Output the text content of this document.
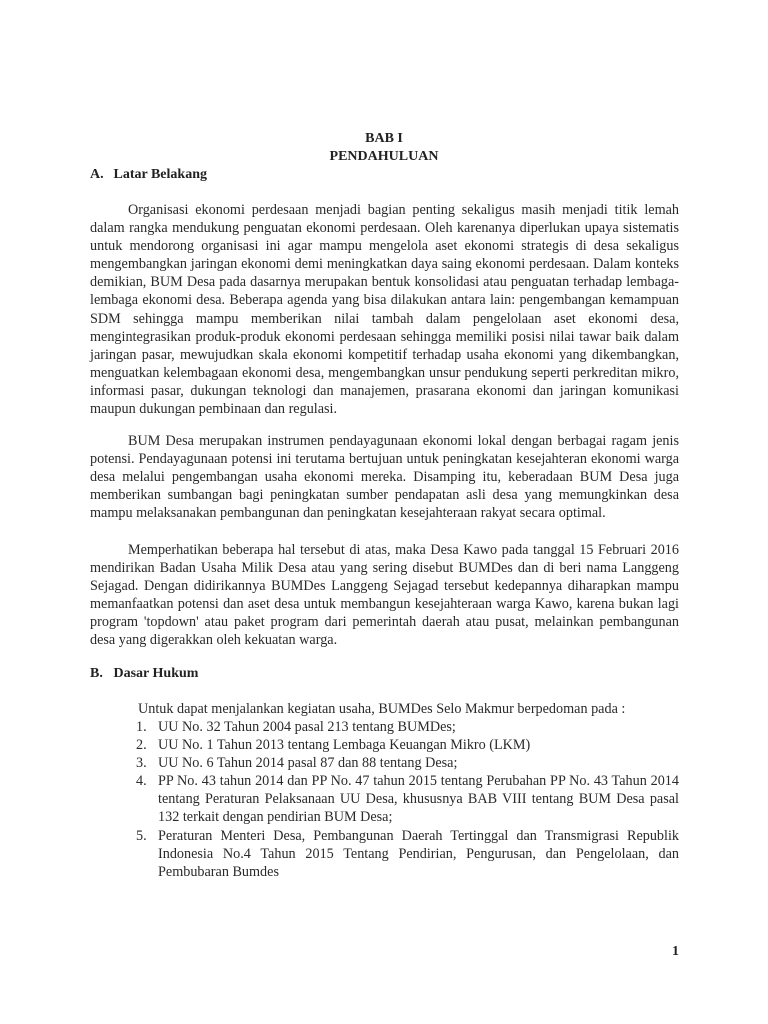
BAB I
PENDAHULUAN
A. Latar Belakang

Organisasi ekonomi perdesaan menjadi bagian penting sekaligus masih menjadi titik lemah dalam rangka mendukung penguatan ekonomi perdesaan. Oleh karenanya diperlukan upaya sistematis untuk mendorong organisasi ini agar mampu mengelola aset ekonomi strategis di desa sekaligus mengembangkan jaringan ekonomi demi meningkatkan daya saing ekonomi perdesaan. Dalam konteks demikian, BUM Desa pada dasarnya merupakan bentuk konsolidasi atau penguatan terhadap lembaga-lembaga ekonomi desa. Beberapa agenda yang bisa dilakukan antara lain: pengembangan kemampuan SDM sehingga mampu memberikan nilai tambah dalam pengelolaan aset ekonomi desa, mengintegrasikan produk-produk ekonomi perdesaan sehingga memiliki posisi nilai tawar baik dalam jaringan pasar, mewujudkan skala ekonomi kompetitif terhadap usaha ekonomi yang dikembangkan, menguatkan kelembagaan ekonomi desa, mengembangkan unsur pendukung seperti perkreditan mikro, informasi pasar, dukungan teknologi dan manajemen, prasarana ekonomi dan jaringan komunikasi maupun dukungan pembinaan dan regulasi.

BUM Desa merupakan instrumen pendayagunaan ekonomi lokal dengan berbagai ragam jenis potensi. Pendayagunaan potensi ini terutama bertujuan untuk peningkatan kesejahteran ekonomi warga desa melalui pengembangan usaha ekonomi mereka. Disamping itu, keberadaan BUM Desa juga memberikan sumbangan bagi peningkatan sumber pendapatan asli desa yang memungkinkan desa mampu melaksanakan pembangunan dan peningkatan kesejahteraan rakyat secara optimal.

Memperhatikan beberapa hal tersebut di atas, maka Desa Kawo pada tanggal 15 Februari 2016 mendirikan Badan Usaha Milik Desa atau yang sering disebut BUMDes dan di beri nama Langgeng Sejagad. Dengan didirikannya BUMDes Langgeng Sejagad tersebut kedepannya diharapkan mampu memanfaatkan potensi dan aset desa untuk membangun kesejahteraan warga Kawo, karena bukan lagi program 'topdown' atau paket program dari pemerintah daerah atau pusat, melainkan pembangunan desa yang digerakkan oleh kekuatan warga.

B. Dasar Hukum

Untuk dapat menjalankan kegiatan usaha, BUMDes Selo Makmur berpedoman pada :

1. UU No. 32 Tahun 2004 pasal 213 tentang BUMDes;
2. UU No. 1 Tahun 2013 tentang Lembaga Keuangan Mikro (LKM)
3. UU No. 6 Tahun 2014 pasal 87 dan 88 tentang Desa;
4. PP No. 43 tahun 2014 dan PP No. 47 tahun 2015 tentang Perubahan PP No. 43 Tahun 2014 tentang Peraturan Pelaksanaan UU Desa, khususnya BAB VIII tentang BUM Desa pasal 132 terkait dengan pendirian BUM Desa;
5. Peraturan Menteri Desa, Pembangunan Daerah Tertinggal dan Transmigrasi Republik Indonesia No.4 Tahun 2015 Tentang Pendirian, Pengurusan, dan Pengelolaan, dan Pembubaran Bumdes
1
